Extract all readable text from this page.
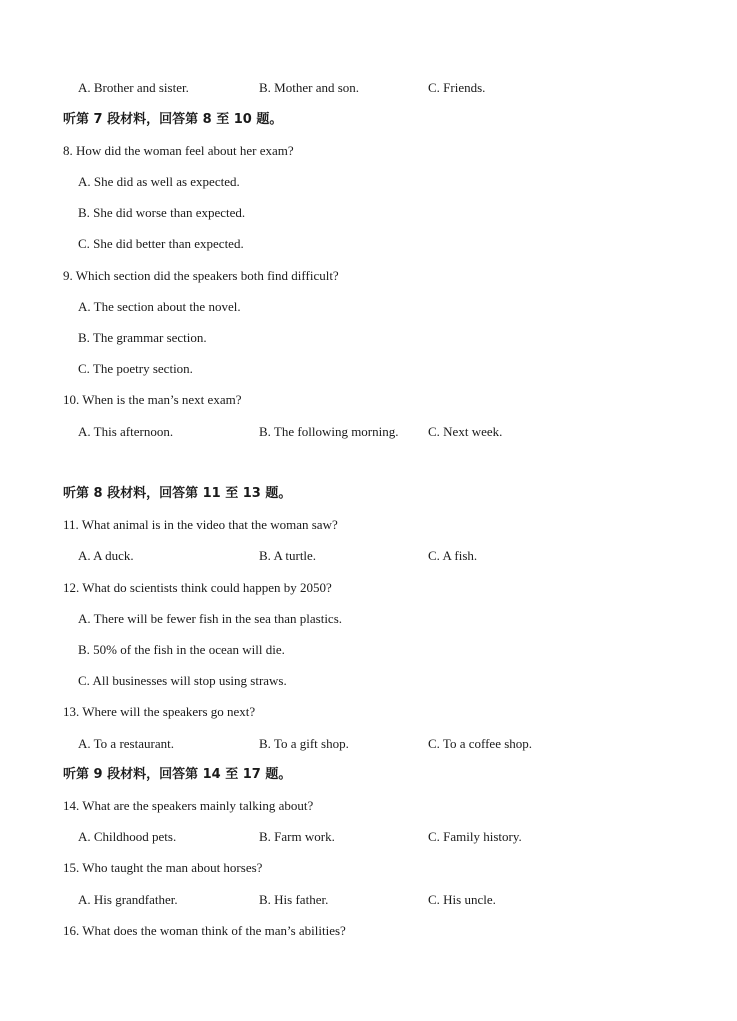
A. Brother and sister.	B. Mother and son.	C. Friends.
听第 7 段材料，回答第 8 至 10 题。
8. How did the woman feel about her exam?
A. She did as well as expected.
B. She did worse than expected.
C. She did better than expected.
9. Which section did the speakers both find difficult?
A. The section about the novel.
B. The grammar section.
C. The poetry section.
10. When is the man’s next exam?
A. This afternoon.	B. The following morning. C. Next week.
听第 8 段材料，回答第 11 至 13 题。
11. What animal is in the video that the woman saw?
A. A duck.	B. A turtle.	C. A fish.
12. What do scientists think could happen by 2050?
A. There will be fewer fish in the sea than plastics.
B. 50% of the fish in the ocean will die.
C. All businesses will stop using straws.
13. Where will the speakers go next?
A. To a restaurant.	B. To a gift shop.	C. To a coffee shop.
听第 9 段材料，回答第 14 至 17 题。
14. What are the speakers mainly talking about?
A. Childhood pets.	B. Farm work.	C. Family history.
15. Who taught the man about horses?
A. His grandfather.	B. His father.	C. His uncle.
16. What does the woman think of the man’s abilities?
